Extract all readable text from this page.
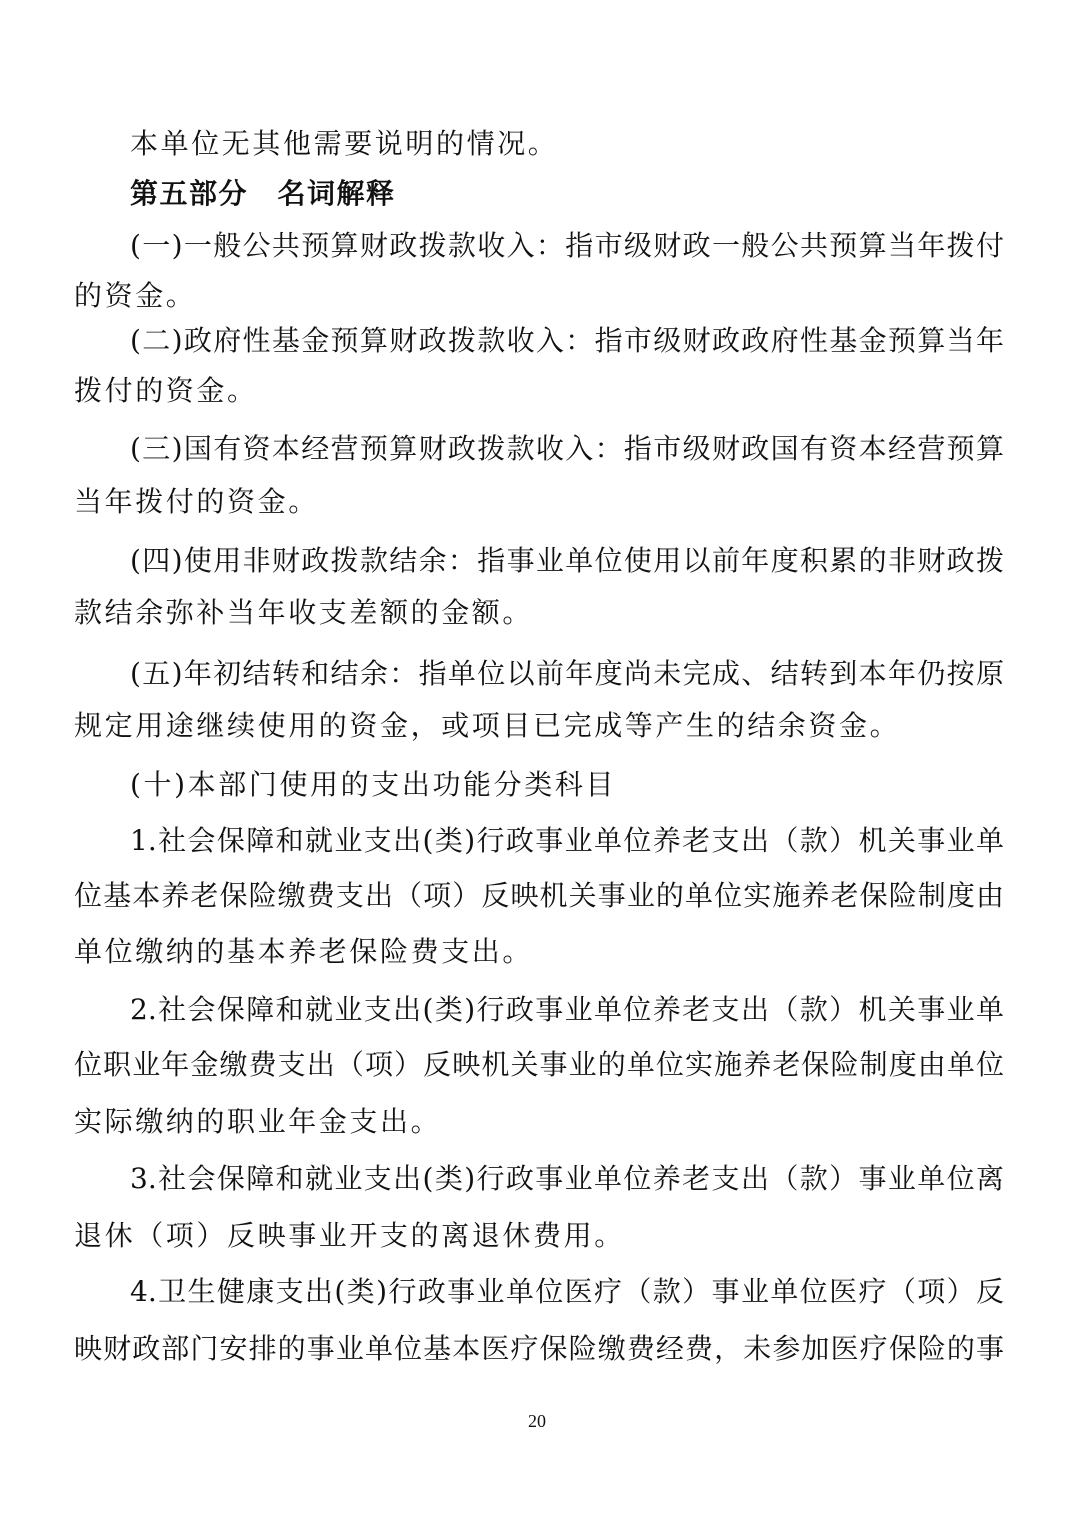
本单位无其他需要说明的情况。
第五部分　名词解释
(一)一般公共预算财政拨款收入：指市级财政一般公共预算当年拨付
的资金。
(二)政府性基金预算财政拨款收入：指市级财政政府性基金预算当年
拨付的资金。
(三)国有资本经营预算财政拨款收入：指市级财政国有资本经营预算
当年拨付的资金。
(四)使用非财政拨款结余：指事业单位使用以前年度积累的非财政拨
款结余弥补当年收支差额的金额。
(五)年初结转和结余：指单位以前年度尚未完成、结转到本年仍按原
规定用途继续使用的资金，或项目已完成等产生的结余资金。
(十)本部门使用的支出功能分类科目
1.社会保障和就业支出(类)行政事业单位养老支出（款）机关事业单
位基本养老保险缴费支出（项）反映机关事业的单位实施养老保险制度由
单位缴纳的基本养老保险费支出。
2.社会保障和就业支出(类)行政事业单位养老支出（款）机关事业单
位职业年金缴费支出（项）反映机关事业的单位实施养老保险制度由单位
实际缴纳的职业年金支出。
3.社会保障和就业支出(类)行政事业单位养老支出（款）事业单位离
退休（项）反映事业开支的离退休费用。
4.卫生健康支出(类)行政事业单位医疗（款）事业单位医疗（项）反
映财政部门安排的事业单位基本医疗保险缴费经费，未参加医疗保险的事
20
